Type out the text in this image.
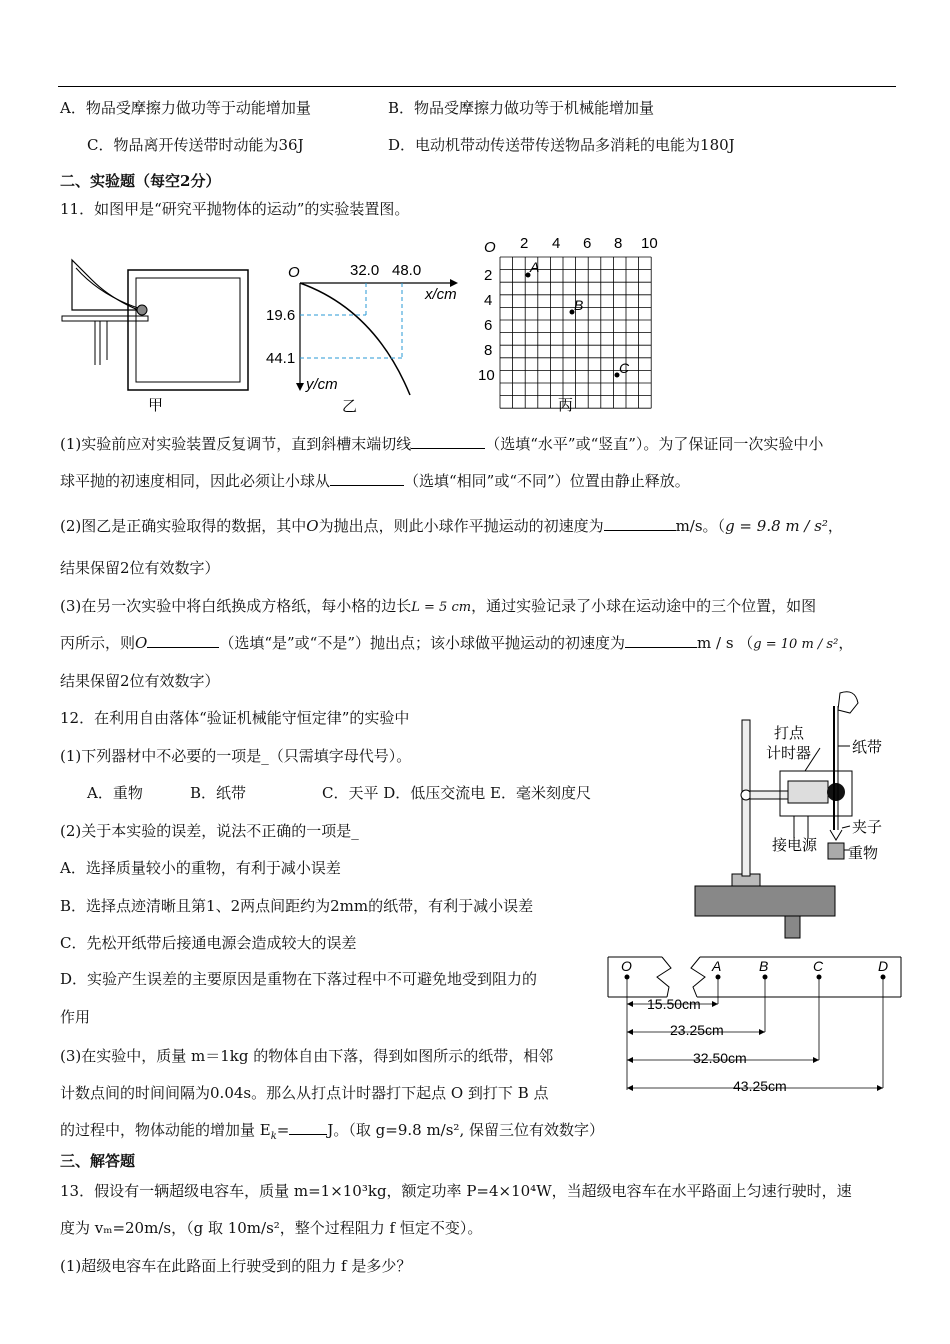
A．物品受摩擦力做功等于动能增加量	B．物品受摩擦力做功等于机械能增加量
C．物品离开传送带时动能为36J	D．电动机带动传送带传送物品多消耗的电能为180J
二、实验题（每空2分）
11．如图甲是“研究平抛物体的运动”的实验装置图。
甲
O	32.0 48.0
x/cm
19.6
44.1
y/cm
乙
O 2 4 6 8 10
2
4
6
8
10
A
B
C
丙
(1)实验前应对实验装置反复调节，直到斜槽末端切线	（选填“水平”或“竖直”）。为了保证同一次实验中小
球平抛的初速度相同，因此必须让小球从	（选填“相同”或“不同”）位置由静止释放。
(2)图乙是正确实验取得的数据，其中O为抛出点，则此小球作平抛运动的初速度为	m/s。（g = 9.8 m / s²，
结果保留2位有效数字）
(3)在另一次实验中将白纸换成方格纸，每小格的边长L = 5 cm，通过实验记录了小球在运动途中的三个位置，如图
丙所示，则O	（选填“是”或“不是”）抛出点；该小球做平抛运动的初速度为	m / s （g = 10 m / s²，
结果保留2位有效数字）
12．在利用自由落体“验证机械能守恒定律”的实验中
(1)下列器材中不必要的一项是_（只需填字母代号）。
A．重物	B．纸带	C．天平 D．低压交流电 E．毫米刻度尺
(2)关于本实验的误差，说法不正确的一项是_
A．选择质量较小的重物，有利于减小误差
B．选择点迹清晰且第1、2两点间距约为2mm的纸带，有利于减小误差
C．先松开纸带后接通电源会造成较大的误差
D．实验产生误差的主要原因是重物在下落过程中不可避免地受到阻力的
作用
(3)在实验中，质量 m＝1kg 的物体自由下落，得到如图所示的纸带，相邻
计数点间的时间间隔为0.04s。那么从打点计时器打下起点 O 到打下 B 点
的过程中，物体动能的增加量 $E_k=$	J。（取 g=9.8 m/s², 保留三位有效数字）
打点
计时器	纸带
夹子
接电源 重物
O	A	B	C	D
15.50cm
23.25cm
32.50cm
43.25cm
三、解答题
13．假设有一辆超级电容车，质量 m=1×10³kg，额定功率 P=4×10⁴W，当超级电容车在水平路面上匀速行驶时，速
度为 vₘ=20m/s，（g 取 10m/s²，整个过程阻力 f 恒定不变）。
(1)超级电容车在此路面上行驶受到的阻力 f 是多少？
